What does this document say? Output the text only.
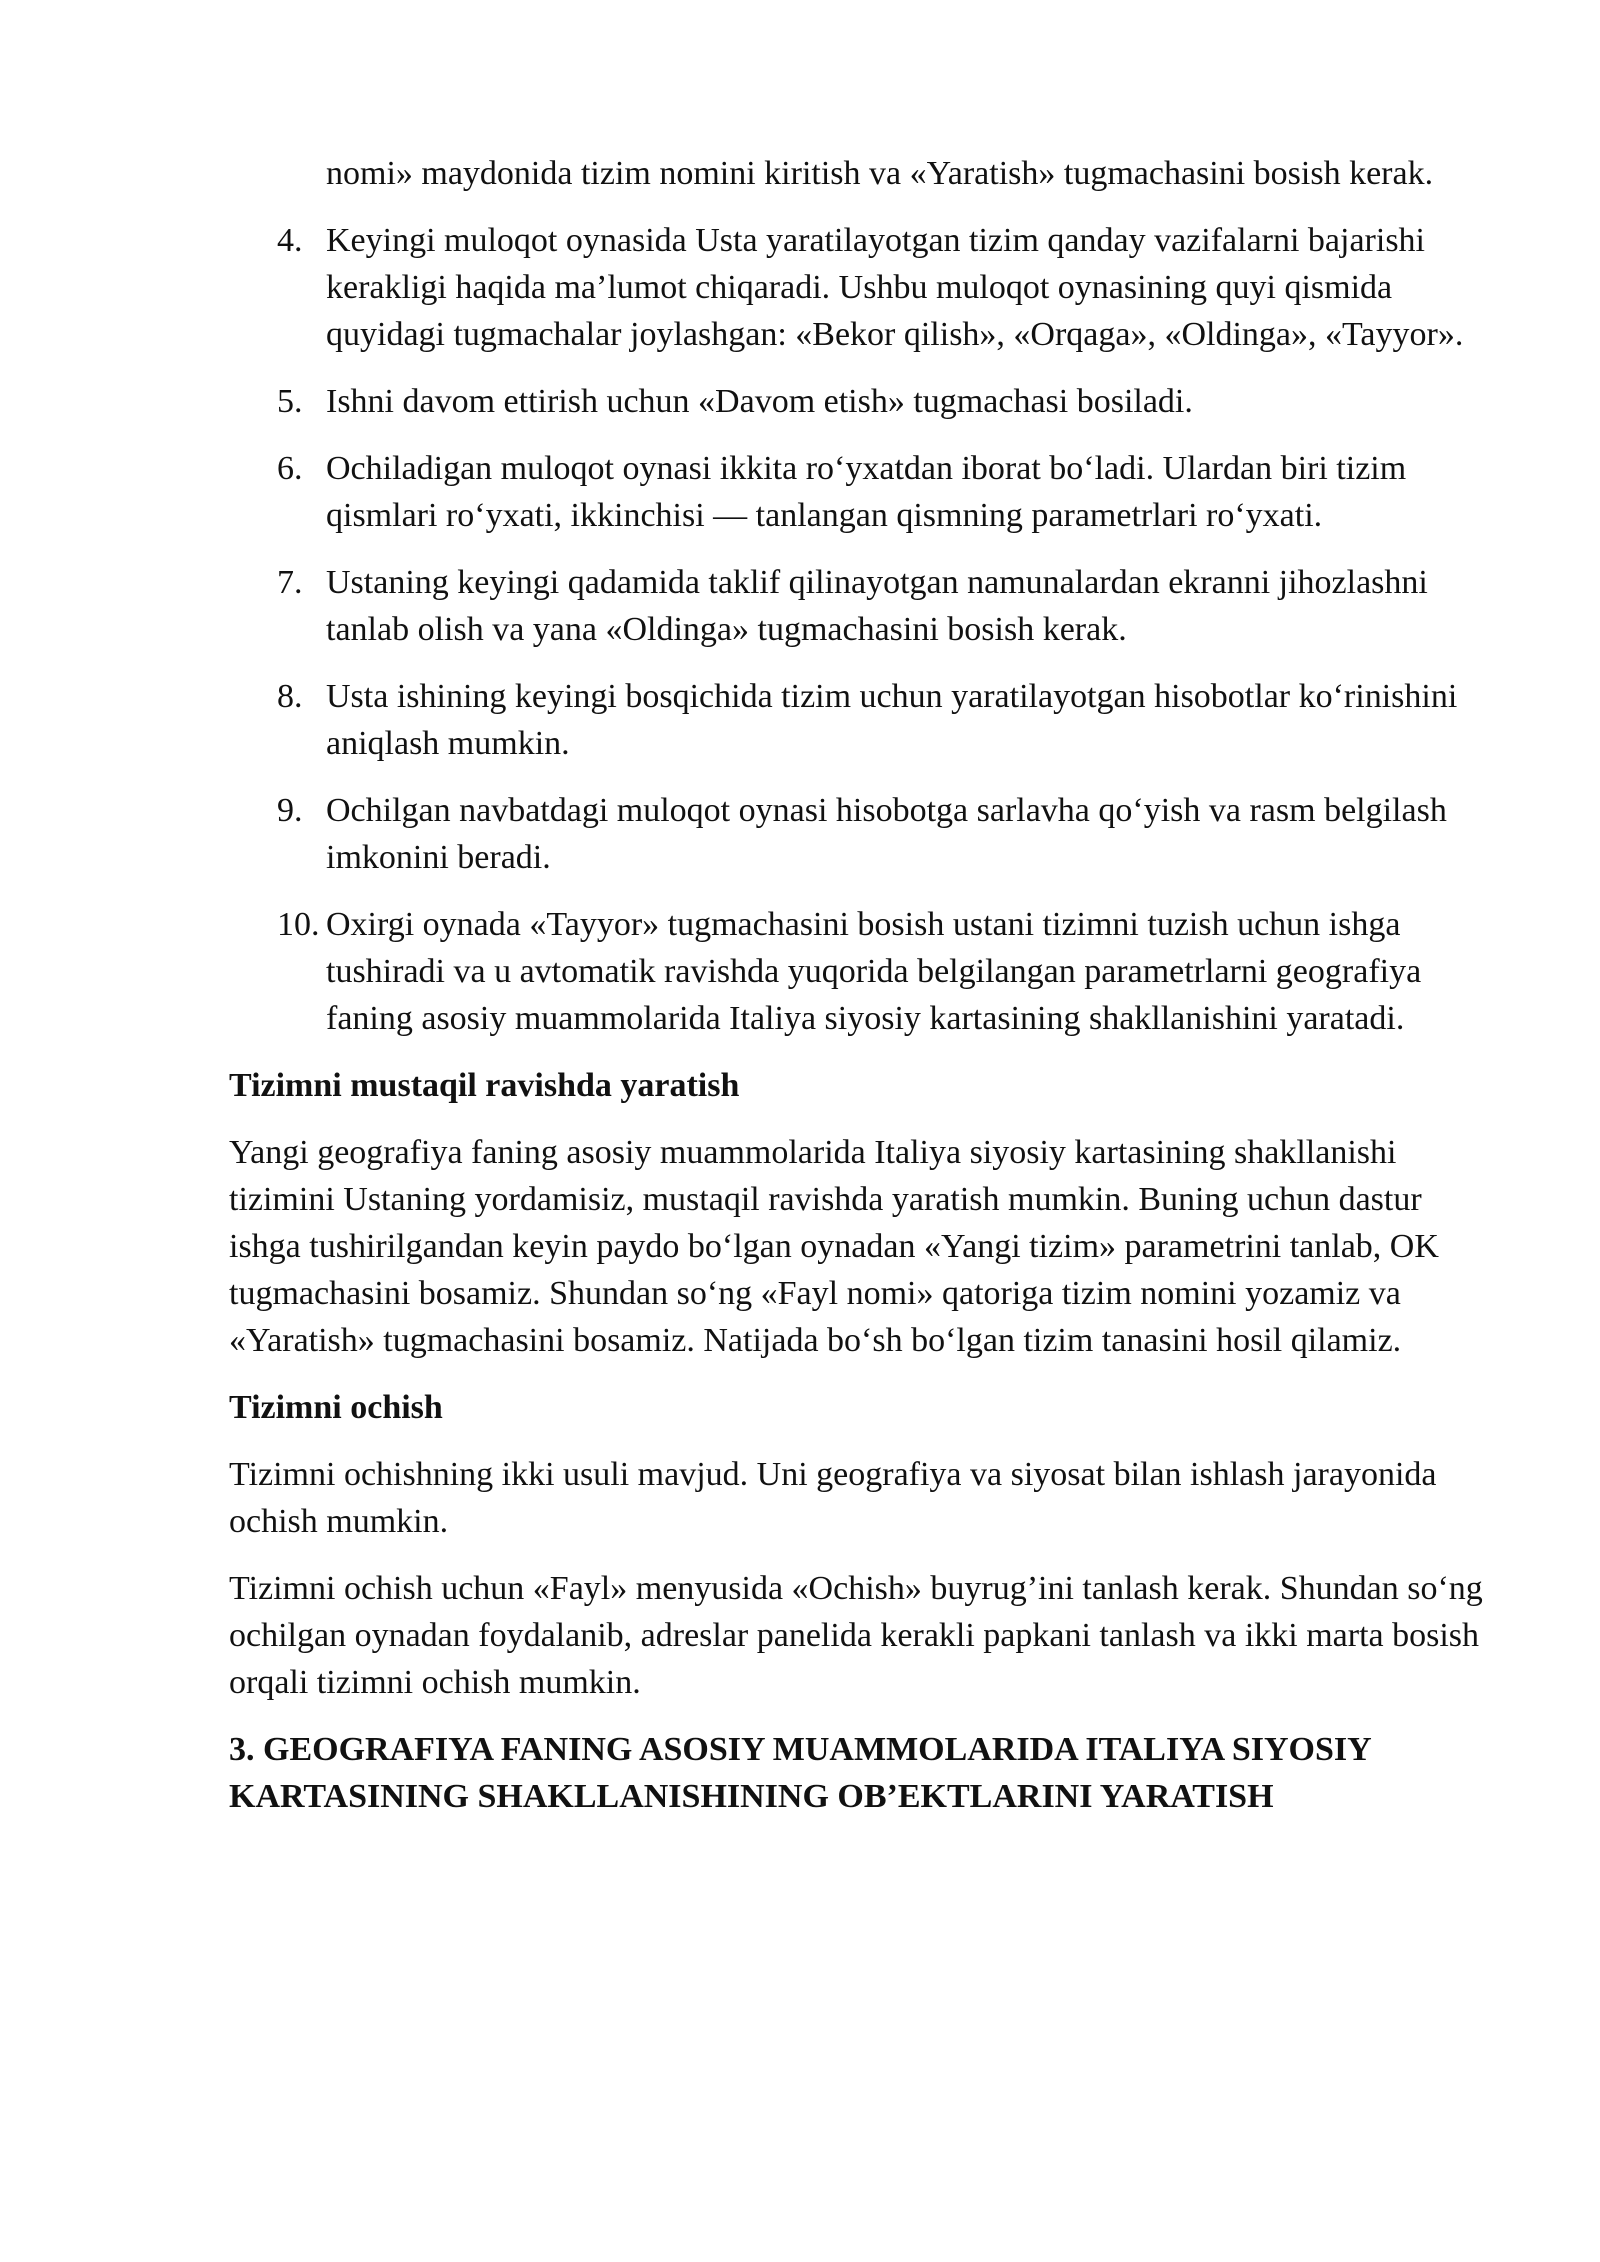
nomi» maydonida tizim nomini kiritish va «Yaratish» tugmachasini bosish kerak.
4. Keyingi muloqot oynasida Usta yaratilayotgan tizim qanday vazifalarni bajarishi kerakligi haqida ma’lumot chiqaradi. Ushbu muloqot oynasining quyi qismida quyidagi tugmachalar joylashgan: «Bekor qilish», «Orqaga», «Oldinga», «Tayyor».
5. Ishni davom ettirish uchun «Davom etish» tugmachasi bosiladi.
6. Ochiladigan muloqot oynasi ikkita ro‘yxatdan iborat bo‘ladi. Ulardan biri tizim qismlari ro‘yxati, ikkinchisi — tanlangan qismning parametrlari ro‘yxati.
7. Ustaning keyingi qadamida taklif qilinayotgan namunalardan ekranni jihozlashni tanlab olish va yana «Oldinga» tugmachasini bosish kerak.
8. Usta ishining keyingi bosqichida tizim uchun yaratilayotgan hisobotlar ko‘rinishini aniqlash mumkin.
9. Ochilgan navbatdagi muloqot oynasi hisobotga sarlavha qo‘yish va rasm belgilash imkonini beradi.
10. Oxirgi oynada «Tayyor» tugmachasini bosish ustani tizimni tuzish uchun ishga tushiradi va u avtomatik ravishda yuqorida belgilangan parametrlarni geografiya faning asosiy muammolarida Italiya siyosiy kartasining shakllanishini yaratadi.
Tizimni mustaqil ravishda yaratish

Yangi geografiya faning asosiy muammolarida Italiya siyosiy kartasining shakllanishi tizimini Ustaning yordamisiz, mustaqil ravishda yaratish mumkin. Buning uchun dastur ishga tushirilgandan keyin paydo bo‘lgan oynadan «Yangi tizim» parametrini tanlab, OK tugmachasini bosamiz. Shundan so‘ng «Fayl nomi» qatoriga tizim nomini yozamiz va «Yaratish» tugmachasini bosamiz. Natijada bo‘sh bo‘lgan tizim tanasini hosil qilamiz.

Tizimni ochish

Tizimni ochishning ikki usuli mavjud. Uni geografiya va siyosat bilan ishlash jarayonida ochish mumkin.

Tizimni ochish uchun «Fayl» menyusida «Ochish» buyrug’ini tanlash kerak. Shundan so‘ng ochilgan oynadan foydalanib, adreslar panelida kerakli papkani tanlash va ikki marta bosish orqali tizimni ochish mumkin.

3. GEOGRAFIYA FANING ASOSIY MUAMMOLARIDA ITALIYA SIYOSIY KARTASINING SHAKLLANISHINING OB’EKTLARINI YARATISH
